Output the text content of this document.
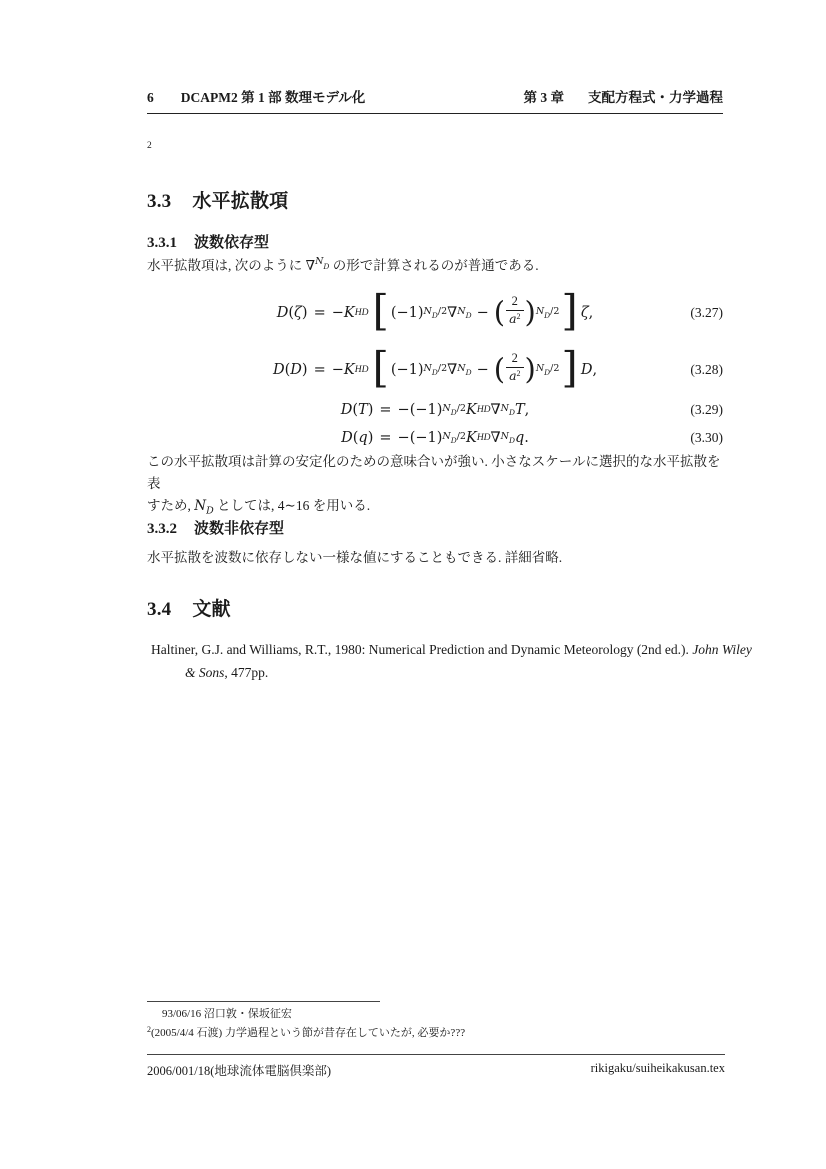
6 DCAPM2 第 1 部 数理モデル化	第 3 章 支配方程式・力学過程
2
3.3 水平拡散項
3.3.1 波数依存型
水平拡散項は, 次のように ∇$^{N_D}$ の形で計算されるのが普通である.
D ( ζ ) = − K HD [ (−1) $N_D/2$ ∇ $N_D$ − ( $\frac{2}{a^2}$ ) $N_D/2$ ] ζ ,	(3.27)
D ( D ) = − K HD [ (−1) $N_D/2$ ∇ $N_D$ − ( $\frac{2}{a^2}$ ) $N_D/2$ ] D ,	(3.28)
D ( T ) = − (−1) $N_D/2$ K HD ∇ $N_D$ T ,	(3.29)
D ( q ) = − (−1) $N_D/2$ K HD ∇ $N_D$ q .	(3.30)
この水平拡散項は計算の安定化のための意味合いが強い. 小さなスケールに選択的な水平拡散を表
すため, $N_D$ としては, 4∼16 を用いる.
3.3.2 波数非依存型
水平拡散を波数に依存しない一様な値にすることもできる. 詳細省略.
3.4 文献
Haltiner, G.J. and Williams, R.T., 1980: Numerical Prediction and Dynamic Meteorology (2nd ed.). John Wiley & Sons, 477pp.
93/06/16 沼口敦・保坂征宏
$^2$(2005/4/4 石渡) 力学過程という節が昔存在していたが, 必要か???
2006/001/18(地球流体電脳倶楽部)	rikigaku/suiheikakusan.tex
